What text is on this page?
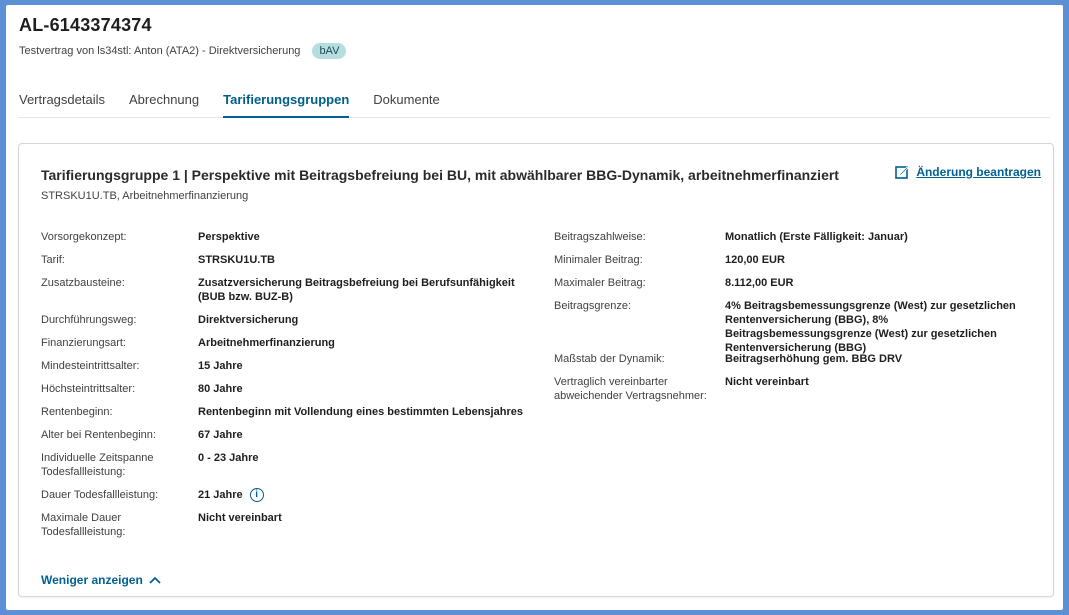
AL-6143374374
Testvertrag von ls34stl: Anton (ATA2) - Direktversicherung	bAV
Vertragsdetails Abrechnung Tarifierungsgruppen Dokumente
Tarifierungsgruppe 1 | Perspektive mit Beitragsbefreiung bei BU, mit abwählbarer BBG-Dynamik, arbeitnehmerfinanziert
STRSKU1U.TB, Arbeitnehmerfinanzierung
Änderung beantragen
Vorsorgekonzept:	Perspektive
Tarif:	STRSKU1U.TB
Zusatzbausteine:	Zusatzversicherung Beitragsbefreiung bei Berufsunfähigkeit (BUB bzw. BUZ-B)
Durchführungsweg:	Direktversicherung
Finanzierungsart:	Arbeitnehmerfinanzierung
Mindesteintrittsalter:	15 Jahre
Höchsteintrittsalter:	80 Jahre
Rentenbeginn:	Rentenbeginn mit Vollendung eines bestimmten Lebensjahres
Alter bei Rentenbeginn:	67 Jahre
Individuelle Zeitspanne Todesfallleistung:
0 - 23 Jahre
Dauer Todesfallleistung:	21 Jahre i
Maximale Dauer Todesfallleistung:
Nicht vereinbart
Beitragszahlweise:	Monatlich (Erste Fälligkeit: Januar)
Minimaler Beitrag:	120,00 EUR
Maximaler Beitrag:	8.112,00 EUR
Beitragsgrenze:	4% Beitragsbemessungsgrenze (West) zur gesetzlichen Rentenversicherung (BBG), 8% Beitragsbemessungsgrenze (West) zur gesetzlichen Rentenversicherung (BBG)
Maßstab der Dynamik:	Beitragserhöhung gem. BBG DRV
Vertraglich vereinbarter abweichender Vertragsnehmer:
Nicht vereinbart
Weniger anzeigen
